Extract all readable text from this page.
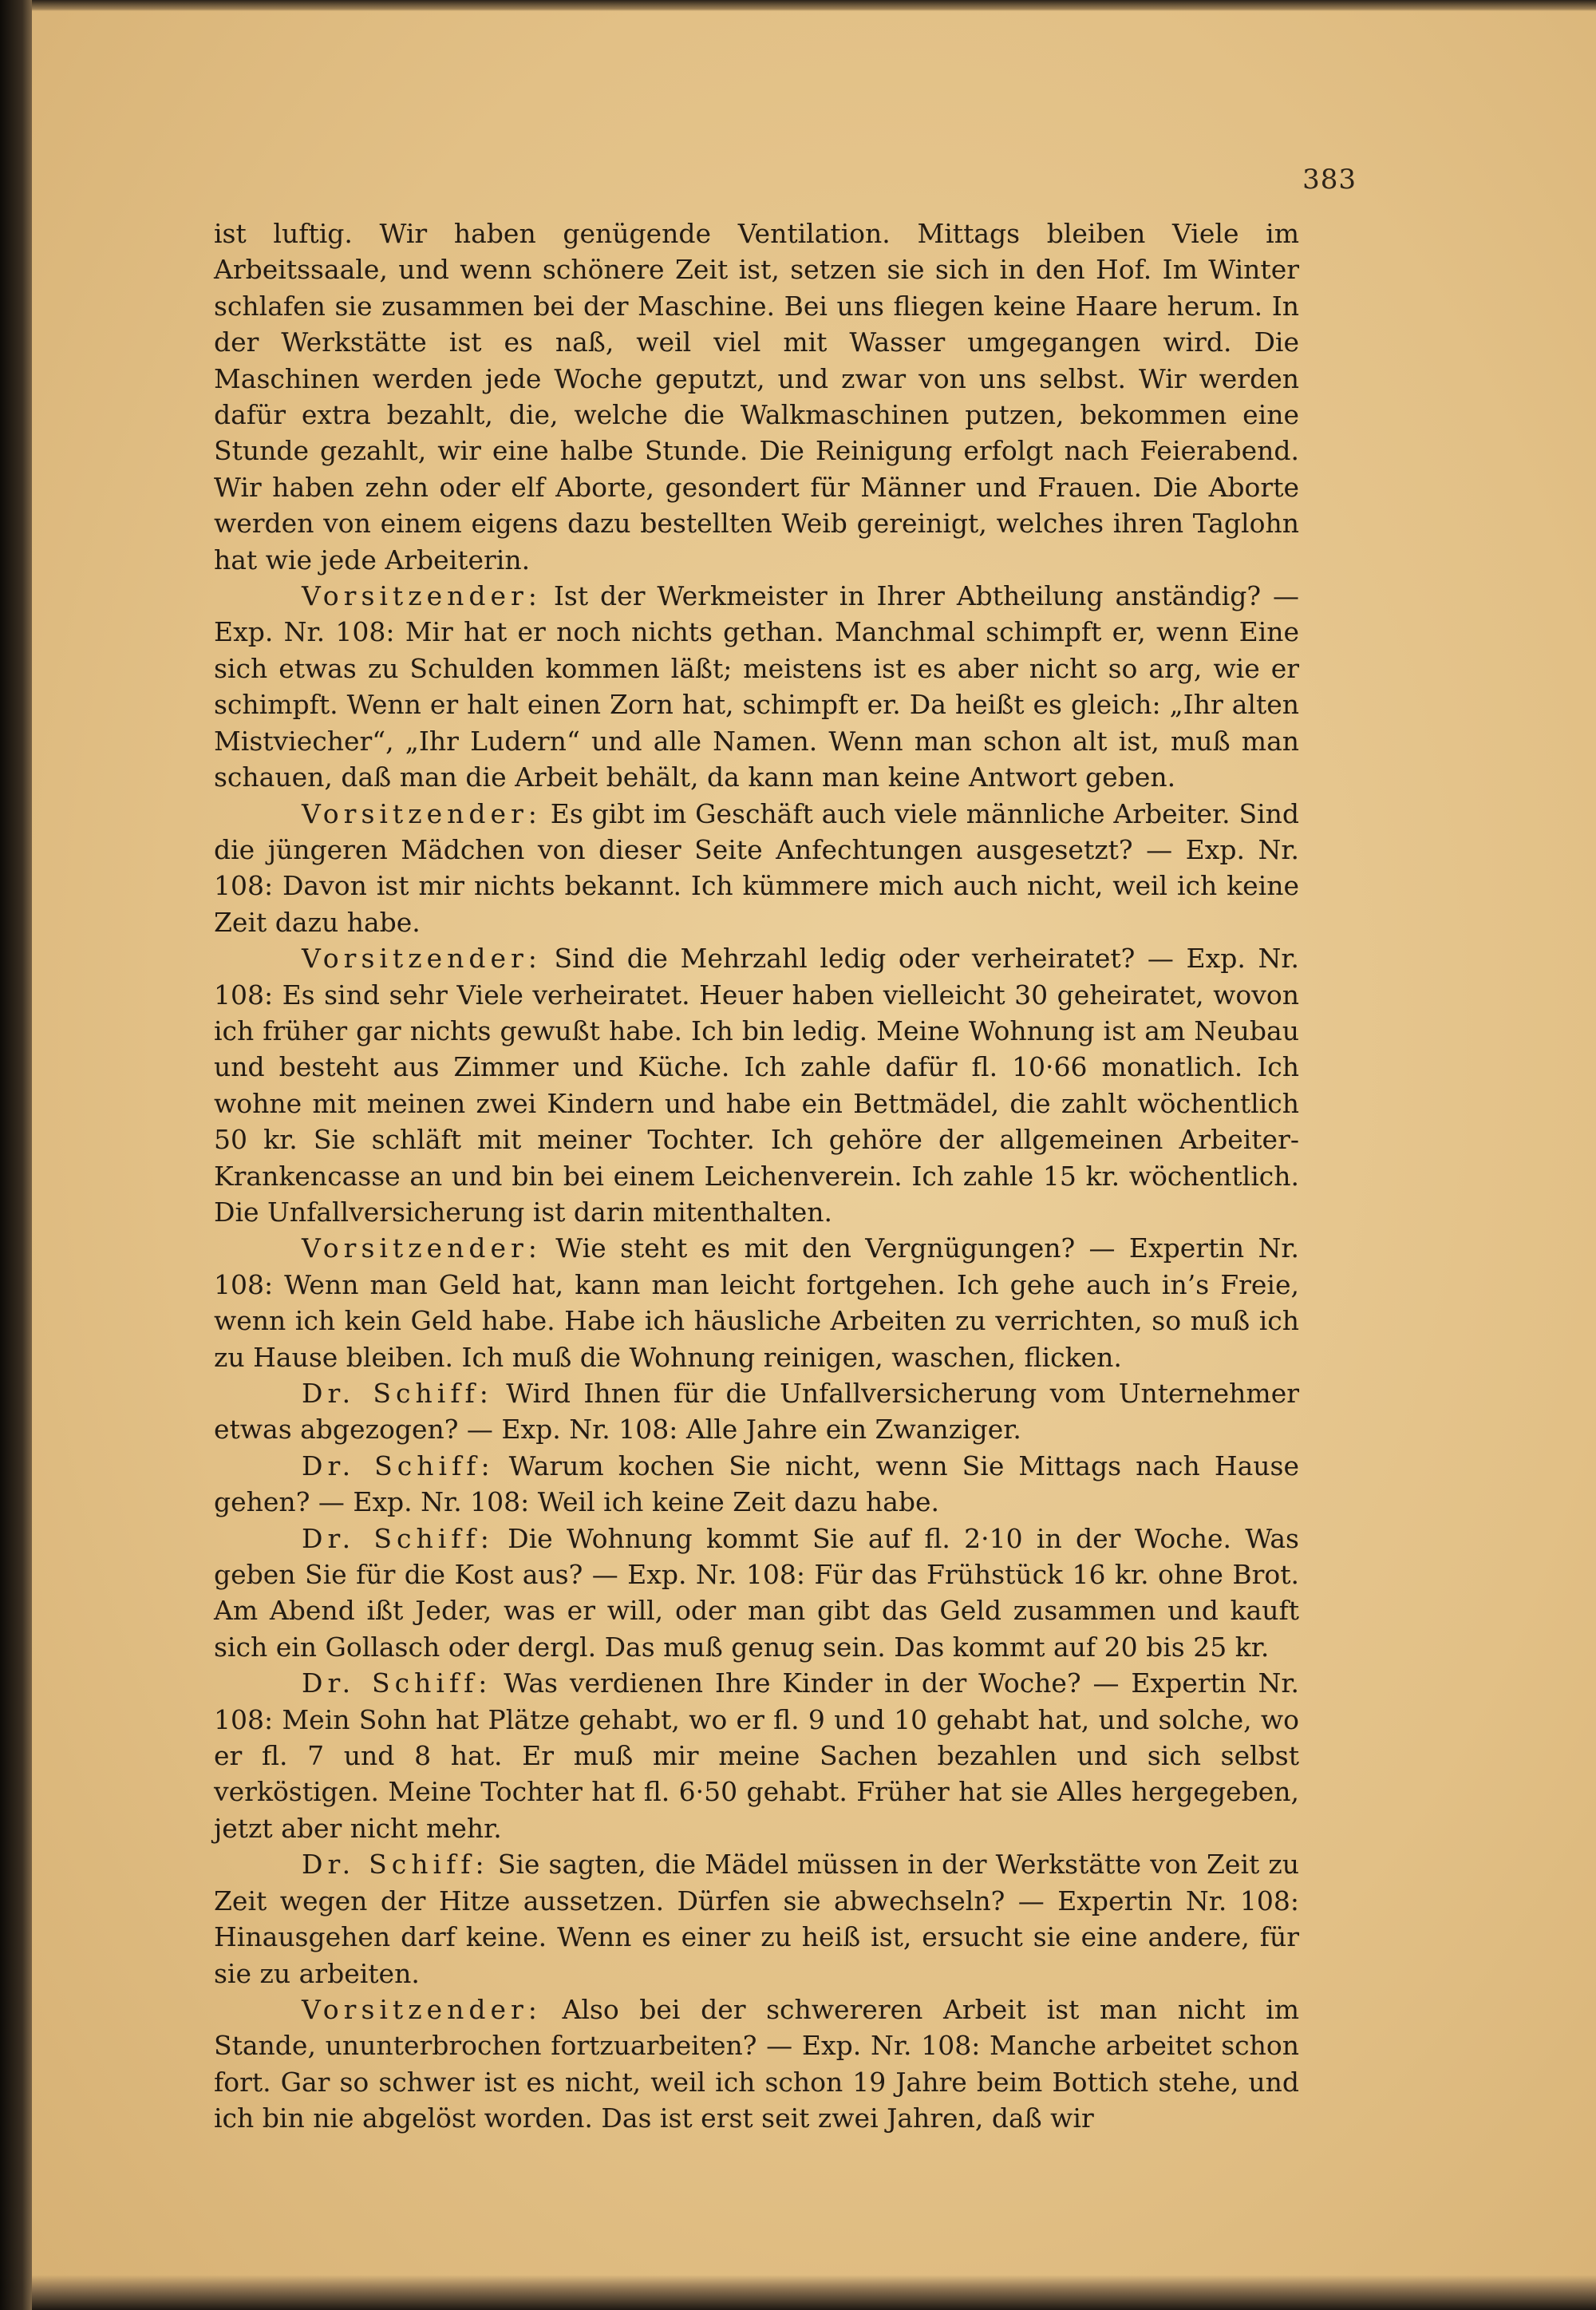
383

ist luftig. Wir haben genügende Ventilation. Mittags bleiben Viele im Arbeitssaale, und wenn schönere Zeit ist, setzen sie sich in den Hof. Im Winter schlafen sie zusammen bei der Maschine. Bei uns fliegen keine Haare herum. In der Werkstätte ist es naß, weil viel mit Wasser umgegangen wird. Die Maschinen werden jede Woche geputzt, und zwar von uns selbst. Wir werden dafür extra bezahlt, die, welche die Walkmaschinen putzen, bekommen eine Stunde gezahlt, wir eine halbe Stunde. Die Reinigung erfolgt nach Feierabend. Wir haben zehn oder elf Aborte, gesondert für Männer und Frauen. Die Aborte werden von einem eigens dazu bestellten Weib gereinigt, welches ihren Taglohn hat wie jede Arbeiterin.

Vorsitzender: Ist der Werkmeister in Ihrer Abtheilung anständig? — Exp. Nr. 108: Mir hat er noch nichts gethan. Manchmal schimpft er, wenn Eine sich etwas zu Schulden kommen läßt; meistens ist es aber nicht so arg, wie er schimpft. Wenn er halt einen Zorn hat, schimpft er. Da heißt es gleich: „Ihr alten Mistviecher“, „Ihr Ludern“ und alle Namen. Wenn man schon alt ist, muß man schauen, daß man die Arbeit behält, da kann man keine Antwort geben.

Vorsitzender: Es gibt im Geschäft auch viele männliche Arbeiter. Sind die jüngeren Mädchen von dieser Seite Anfechtungen ausgesetzt? — Exp. Nr. 108: Davon ist mir nichts bekannt. Ich kümmere mich auch nicht, weil ich keine Zeit dazu habe.

Vorsitzender: Sind die Mehrzahl ledig oder verheiratet? — Exp. Nr. 108: Es sind sehr Viele verheiratet. Heuer haben vielleicht 30 geheiratet, wovon ich früher gar nichts gewußt habe. Ich bin ledig. Meine Wohnung ist am Neubau und besteht aus Zimmer und Küche. Ich zahle dafür fl. 10·66 monatlich. Ich wohne mit meinen zwei Kindern und habe ein Bettmädel, die zahlt wöchentlich 50 kr. Sie schläft mit meiner Tochter. Ich gehöre der allgemeinen Arbeiter-Krankencasse an und bin bei einem Leichenverein. Ich zahle 15 kr. wöchentlich. Die Unfallversicherung ist darin mitenthalten.

Vorsitzender: Wie steht es mit den Vergnügungen? — Expertin Nr. 108: Wenn man Geld hat, kann man leicht fortgehen. Ich gehe auch in’s Freie, wenn ich kein Geld habe. Habe ich häusliche Arbeiten zu verrichten, so muß ich zu Hause bleiben. Ich muß die Wohnung reinigen, waschen, flicken.

Dr. Schiff: Wird Ihnen für die Unfallversicherung vom Unternehmer etwas abgezogen? — Exp. Nr. 108: Alle Jahre ein Zwanziger.

Dr. Schiff: Warum kochen Sie nicht, wenn Sie Mittags nach Hause gehen? — Exp. Nr. 108: Weil ich keine Zeit dazu habe.

Dr. Schiff: Die Wohnung kommt Sie auf fl. 2·10 in der Woche. Was geben Sie für die Kost aus? — Exp. Nr. 108: Für das Frühstück 16 kr. ohne Brot. Am Abend ißt Jeder, was er will, oder man gibt das Geld zusammen und kauft sich ein Gollasch oder dergl. Das muß genug sein. Das kommt auf 20 bis 25 kr.

Dr. Schiff: Was verdienen Ihre Kinder in der Woche? — Expertin Nr. 108: Mein Sohn hat Plätze gehabt, wo er fl. 9 und 10 gehabt hat, und solche, wo er fl. 7 und 8 hat. Er muß mir meine Sachen bezahlen und sich selbst verköstigen. Meine Tochter hat fl. 6·50 gehabt. Früher hat sie Alles hergegeben, jetzt aber nicht mehr.

Dr. Schiff: Sie sagten, die Mädel müssen in der Werkstätte von Zeit zu Zeit wegen der Hitze aussetzen. Dürfen sie abwechseln? — Expertin Nr. 108: Hinausgehen darf keine. Wenn es einer zu heiß ist, ersucht sie eine andere, für sie zu arbeiten.

Vorsitzender: Also bei der schwereren Arbeit ist man nicht im Stande, ununterbrochen fortzuarbeiten? — Exp. Nr. 108: Manche arbeitet schon fort. Gar so schwer ist es nicht, weil ich schon 19 Jahre beim Bottich stehe, und ich bin nie abgelöst worden. Das ist erst seit zwei Jahren, daß wir
